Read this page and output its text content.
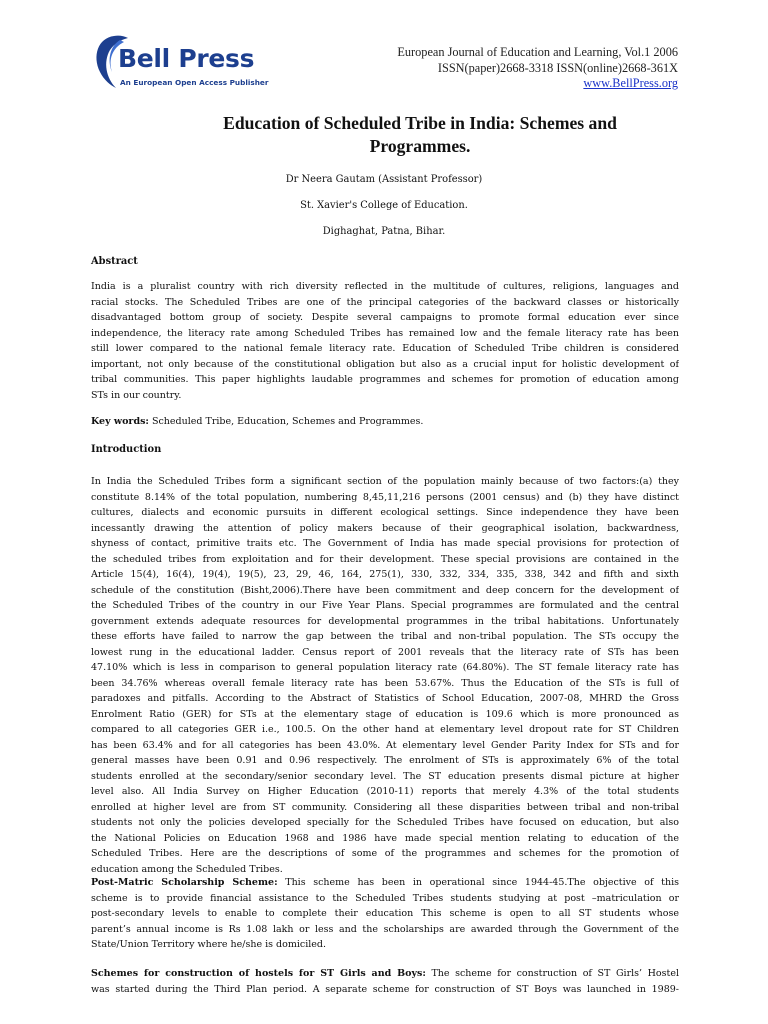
Bell Press
An European Open Access Publisher
European Journal of Education and Learning, Vol.1 2006
ISSN(paper)2668-3318 ISSN(online)2668-361X
www.BellPress.org
Education of Scheduled Tribe in India: Schemes and
Programmes.
Dr Neera Gautam (Assistant Professor)
St. Xavier's College of Education.
Dighaghat, Patna, Bihar.
Abstract
India is a pluralist country with rich diversity reflected in the multitude of cultures, religions, languages and
racial stocks. The Scheduled Tribes are one of the principal categories of the backward classes or historically
disadvantaged bottom group of society. Despite several campaigns to promote formal education ever since
independence, the literacy rate among Scheduled Tribes has remained low and the female literacy rate has been
still lower compared to the national female literacy rate. Education of Scheduled Tribe children is considered
important, not only because of the constitutional obligation but also as a crucial input for holistic development of
tribal communities. This paper highlights laudable programmes and schemes for promotion of education among
STs in our country.
Key words: Scheduled Tribe, Education, Schemes and Programmes.
Introduction
In India the Scheduled Tribes form a significant section of the population mainly because of two factors:(a) they
constitute 8.14% of the total population, numbering 8,45,11,216 persons (2001 census) and (b) they have distinct
cultures, dialects and economic pursuits in different ecological settings. Since independence they have been
incessantly drawing the attention of policy makers because of their geographical isolation, backwardness,
shyness of contact, primitive traits etc. The Government of India has made special provisions for protection of
the scheduled tribes from exploitation and for their development. These special provisions are contained in the
Article 15(4), 16(4), 19(4), 19(5), 23, 29, 46, 164, 275(1), 330, 332, 334, 335, 338, 342 and fifth and sixth
schedule of the constitution (Bisht,2006).There have been commitment and deep concern for the development of
the Scheduled Tribes of the country in our Five Year Plans. Special programmes are formulated and the central
government extends adequate resources for developmental programmes in the tribal habitations. Unfortunately
these efforts have failed to narrow the gap between the tribal and non-tribal population. The STs occupy the
lowest rung in the educational ladder. Census report of 2001 reveals that the literacy rate of STs has been
47.10% which is less in comparison to general population literacy rate (64.80%). The ST female literacy rate has
been 34.76% whereas overall female literacy rate has been 53.67%. Thus the Education of the STs is full of
paradoxes and pitfalls. According to the Abstract of Statistics of School Education, 2007-08, MHRD the Gross
Enrolment Ratio (GER) for STs at the elementary stage of education is 109.6 which is more pronounced as
compared to all categories GER i.e., 100.5. On the other hand at elementary level dropout rate for ST Children
has been 63.4% and for all categories has been 43.0%. At elementary level Gender Parity Index for STs and for
general masses have been 0.91 and 0.96 respectively. The enrolment of STs is approximately 6% of the total
students enrolled at the secondary/senior secondary level. The ST education presents dismal picture at higher
level also. All India Survey on Higher Education (2010-11) reports that merely 4.3% of the total students
enrolled at higher level are from ST community. Considering all these disparities between tribal and non-tribal
students not only the policies developed specially for the Scheduled Tribes have focused on education, but also
the National Policies on Education 1968 and 1986 have made special mention relating to education of the
Scheduled Tribes. Here are the descriptions of some of the programmes and schemes for the promotion of
education among the Scheduled Tribes.
Post-Matric Scholarship Scheme: This scheme has been in operational since 1944-45.The objective of this
scheme is to provide financial assistance to the Scheduled Tribes students studying at post –matriculation or
post-secondary levels to enable to complete their education This scheme is open to all ST students whose
parent’s annual income is Rs 1.08 lakh or less and the scholarships are awarded through the Government of the
State/Union Territory where he/she is domiciled.
Schemes for construction of hostels for ST Girls and Boys: The scheme for construction of ST Girls’ Hostel
was started during the Third Plan period. A separate scheme for construction of ST Boys was launched in 1989-
